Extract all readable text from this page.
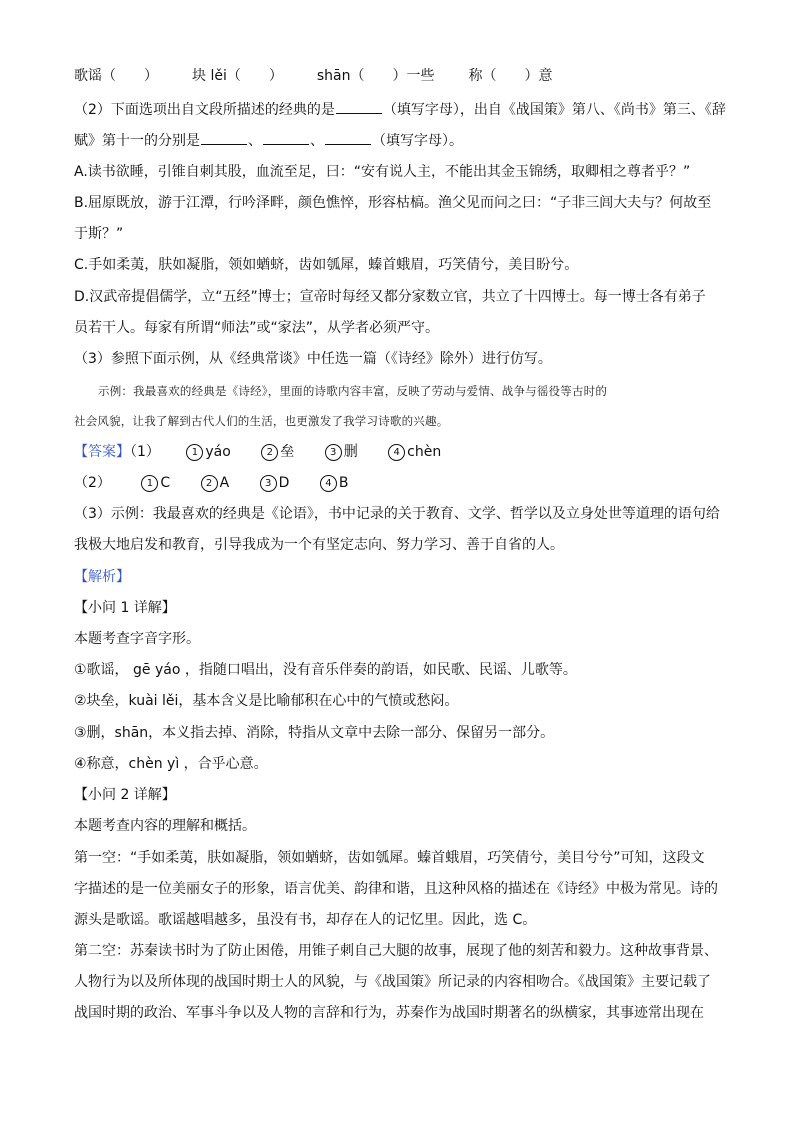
歌谣（ ） 块 lěi（ ） shān（ ）一些 称（ ）意
（2）下面选项出自文段所描述的经典的是	（填写字母），出自《战国策》第八、《尚书》第三、《辞
赋》第十一的分别是	、	、	（填写字母）。
A.读书欲睡，引锥自刺其股，血流至足，曰：“安有说人主，不能出其金玉锦绣，取卿相之尊者乎？”
B.屈原既放，游于江潭，行吟泽畔，颜色憔悴，形容枯槁。渔父见而问之曰：“子非三闾大夫与？何故至
于斯？”
C.手如柔荑，肤如凝脂，领如蝤蛴，齿如瓠犀，螓首蛾眉，巧笑倩兮，美目盼兮。
D.汉武帝提倡儒学，立“五经”博士；宣帝时每经又都分家数立官，共立了十四博士。每一博士各有弟子
员若干人。每家有所谓“师法”或“家法”，从学者必须严守。
（3）参照下面示例，从《经典常谈》中任选一篇（《诗经》除外）进行仿写。
示例：我最喜欢的经典是《诗经》，里面的诗歌内容丰富，反映了劳动与爱情、战争与徭役等古时的
社会风貌，让我了解到古代人们的生活，也更激发了我学习诗歌的兴趣。
【答案】（1）	1 yáo	2 垒	3 删	4 chèn
（2）	1 C	2 A	3 D	4 B
（3）示例：我最喜欢的经典是《论语》，书中记录的关于教育、文学、哲学以及立身处世等道理的语句给
我极大地启发和教育，引导我成为一个有坚定志向、努力学习、善于自省的人。
【解析】
【小问 1 详解】
本题考查字音字形。
①歌谣， gē yáo ，指随口唱出，没有音乐伴奏的韵语，如民歌、民谣、儿歌等。
②块垒，kuài lěi，基本含义是比喻郁积在心中的气愤或愁闷。
③删，shān，本义指去掉、消除，特指从文章中去除一部分、保留另一部分。
④称意，chèn yì ，合乎心意。
【小问 2 详解】
本题考查内容的理解和概括。
第一空：“手如柔荑，肤如凝脂，领如蝤蛴，齿如瓠犀。螓首蛾眉，巧笑倩兮，美目兮兮”可知，这段文
字描述的是一位美丽女子的形象，语言优美、韵律和谐，且这种风格的描述在《诗经》中极为常见。诗的
源头是歌谣。歌谣越唱越多，虽没有书，却存在人的记忆里。因此，选 C。
第二空：苏秦读书时为了防止困倦，用锥子刺自己大腿的故事，展现了他的刻苦和毅力。这种故事背景、
人物行为以及所体现的战国时期士人的风貌，与《战国策》所记录的内容相吻合。《战国策》主要记载了
战国时期的政治、军事斗争以及人物的言辞和行为，苏秦作为战国时期著名的纵横家，其事迹常出现在
